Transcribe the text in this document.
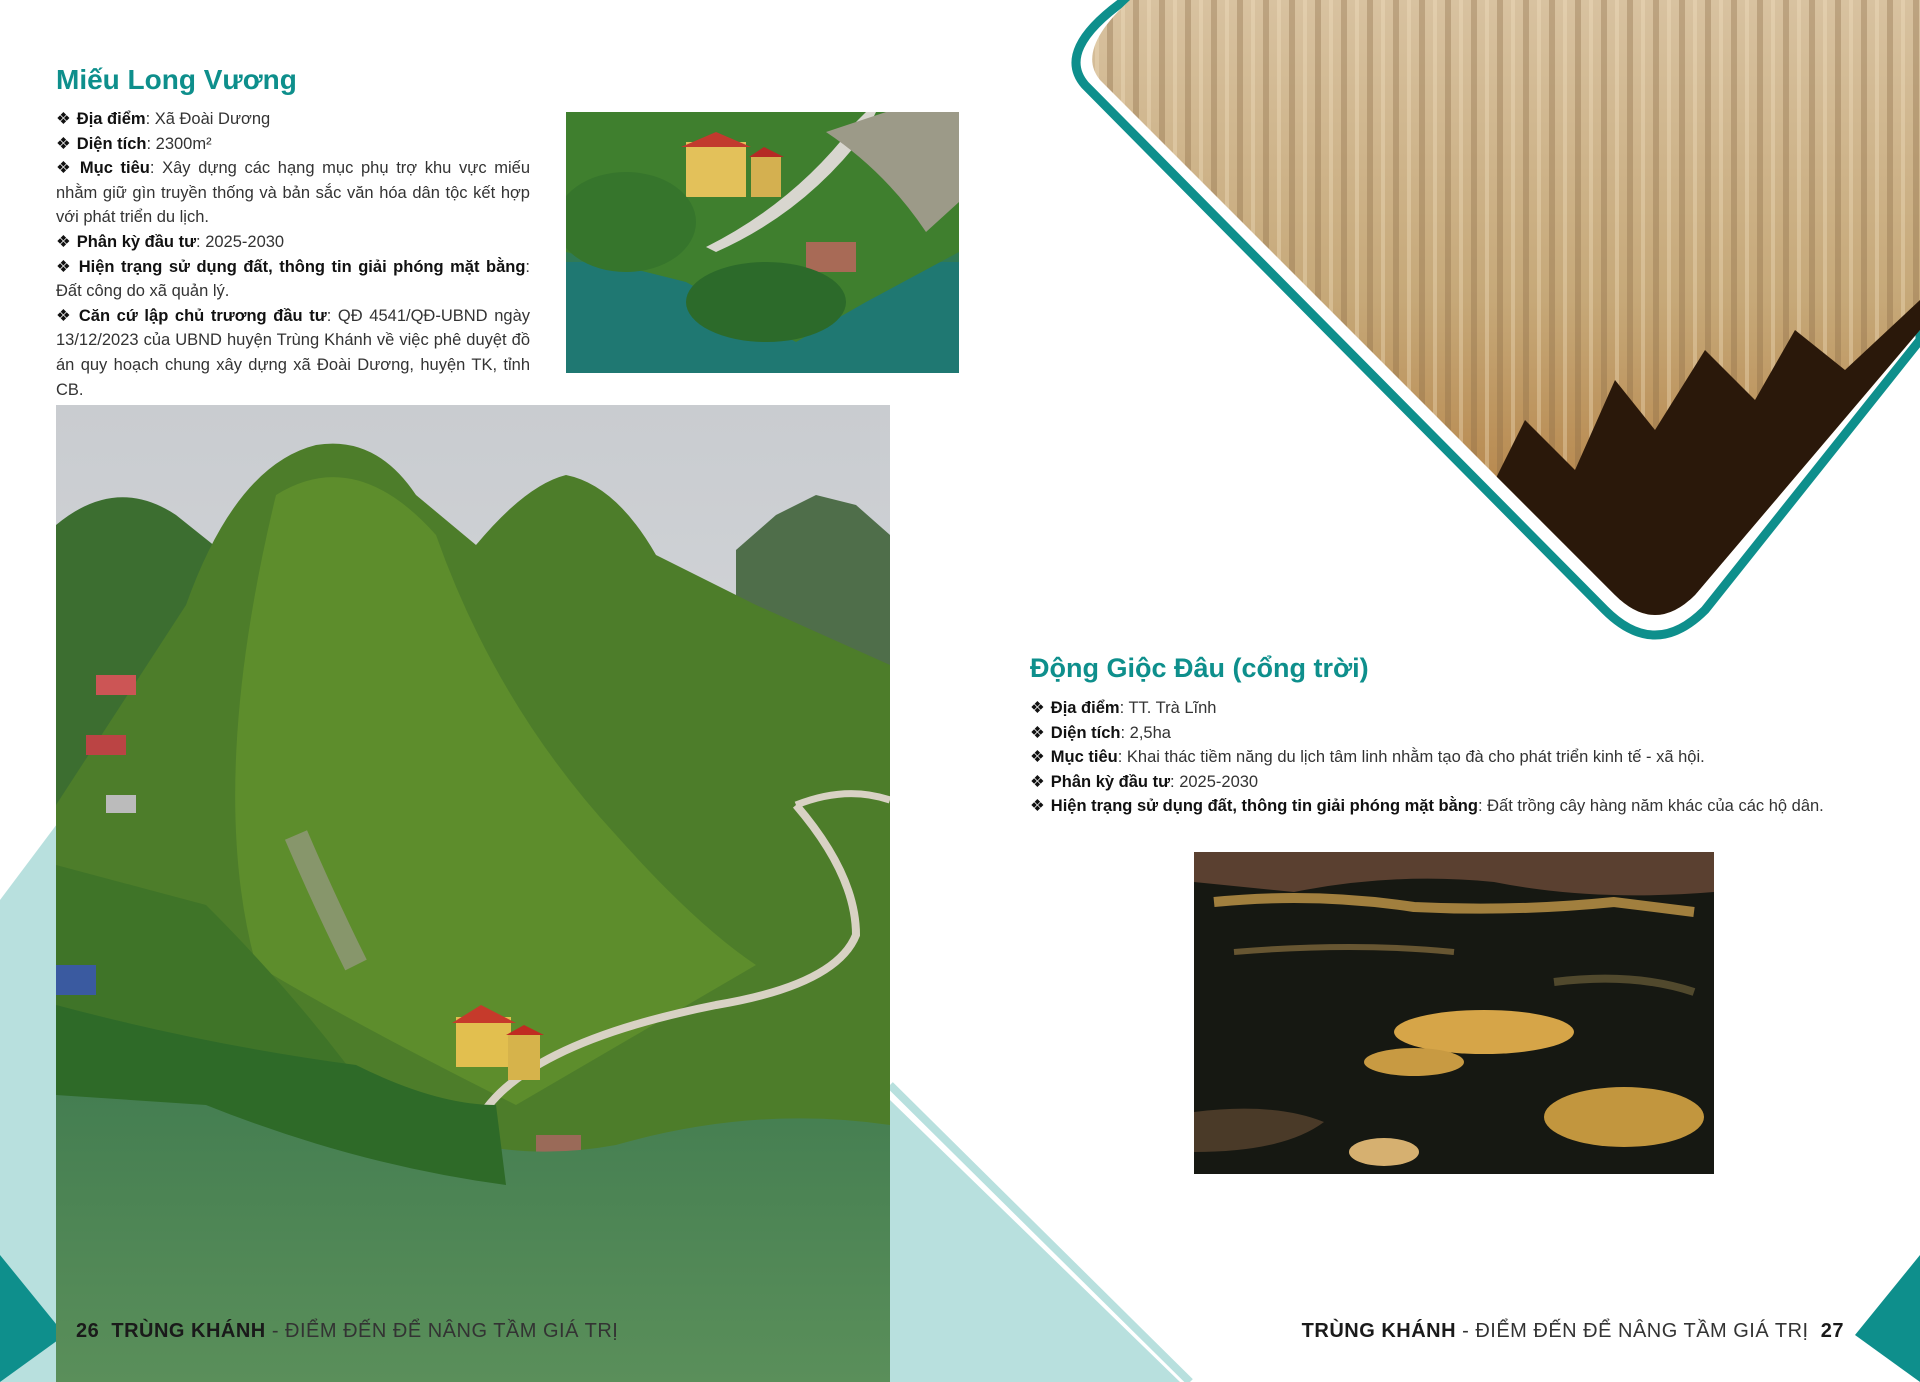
Miếu Long Vương

❖ Địa điểm: Xã Đoài Dương

❖ Diện tích: 2300m²

❖ Mục tiêu: Xây dựng các hạng mục phụ trợ khu vực miếu nhằm giữ gìn truyền thống và bản sắc văn hóa dân tộc kết hợp với phát triển du lịch.

❖ Phân kỳ đầu tư: 2025-2030

❖ Hiện trạng sử dụng đất, thông tin giải phóng mặt bằng: Đất công do xã quản lý.

❖ Căn cứ lập chủ trương đầu tư: QĐ 4541/QĐ-UBND ngày 13/12/2023 của UBND huyện Trùng Khánh về việc phê duyệt đồ án quy hoạch chung xây dựng xã Đoài Dương, huyện TK, tỉnh CB.

Động Giộc Đâu (cổng trời)

❖ Địa điểm: TT. Trà Lĩnh

❖ Diện tích: 2,5ha

❖ Mục tiêu: Khai thác tiềm năng du lịch tâm linh nhằm tạo đà cho phát triển kinh tế - xã hội.

❖ Phân kỳ đầu tư: 2025-2030

❖ Hiện trạng sử dụng đất, thông tin giải phóng mặt bằng: Đất trồng cây hàng năm khác của các hộ dân.

26 TRÙNG KHÁNH - ĐIỂM ĐẾN ĐỂ NÂNG TẦM GIÁ TRỊ	TRÙNG KHÁNH - ĐIỂM ĐẾN ĐỂ NÂNG TẦM GIÁ TRỊ 27
